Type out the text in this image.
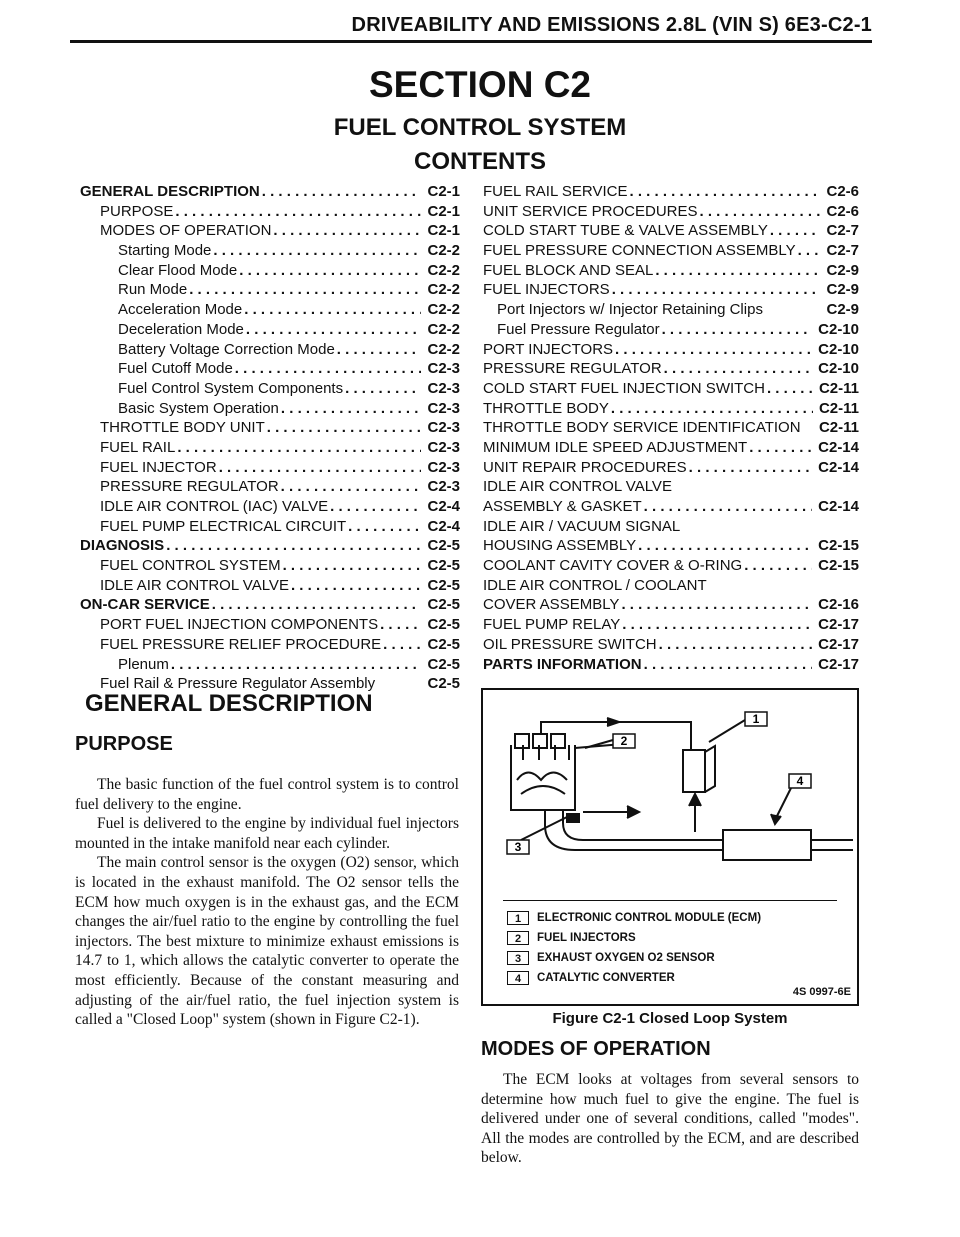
DRIVEABILITY AND EMISSIONS 2.8L (VIN S) 6E3-C2-1
SECTION C2
FUEL CONTROL SYSTEM
CONTENTS
GENERAL DESCRIPTION . . .	C2-1
PURPOSE . . .	C2-1
MODES OF OPERATION . . .	C2-1
Starting Mode . . .	C2-2
Clear Flood Mode . . .	C2-2
Run Mode . . .	C2-2
Acceleration Mode . . .	C2-2
Deceleration Mode . . .	C2-2
Battery Voltage Correction Mode . . .	C2-2
Fuel Cutoff Mode . . .	C2-3
Fuel Control System Components . . .	C2-3
Basic System Operation . . .	C2-3
THROTTLE BODY UNIT . . .	C2-3
FUEL RAIL . . .	C2-3
FUEL INJECTOR . . .	C2-3
PRESSURE REGULATOR . . .	C2-3
IDLE AIR CONTROL (IAC) VALVE . . .	C2-4
FUEL PUMP ELECTRICAL CIRCUIT . . .	C2-4
DIAGNOSIS . . .	C2-5
FUEL CONTROL SYSTEM . . .	C2-5
IDLE AIR CONTROL VALVE . . .	C2-5
ON-CAR SERVICE . . .	C2-5
PORT FUEL INJECTION COMPONENTS . . .	C2-5
FUEL PRESSURE RELIEF PROCEDURE . . .	C2-5
Plenum . . .	C2-5
Fuel Rail & Pressure Regulator Assembly	C2-5
FUEL RAIL SERVICE . . .	C2-6
UNIT SERVICE PROCEDURES . . .	C2-6
COLD START TUBE & VALVE ASSEMBLY . . .	C2-7
FUEL PRESSURE CONNECTION ASSEMBLY . . . C2-7
FUEL BLOCK AND SEAL . . .	C2-9
FUEL INJECTORS . . .	C2-9
Port Injectors w/ Injector Retaining Clips	C2-9
Fuel Pressure Regulator . . .	C2-10
PORT INJECTORS . . .	C2-10
PRESSURE REGULATOR . . .	C2-10
COLD START FUEL INJECTION SWITCH . . .	C2-11
THROTTLE BODY . . .	C2-11
THROTTLE BODY SERVICE IDENTIFICATION C2-11
MINIMUM IDLE SPEED ADJUSTMENT . . .	C2-14
UNIT REPAIR PROCEDURES . . .	C2-14
IDLE AIR CONTROL VALVE
ASSEMBLY & GASKET . . .	C2-14
IDLE AIR / VACUUM SIGNAL
HOUSING ASSEMBLY . . .	C2-15
COOLANT CAVITY COVER & O-RING . . .	C2-15
IDLE AIR CONTROL / COOLANT
COVER ASSEMBLY . . .	C2-16
FUEL PUMP RELAY . . .	C2-17
OIL PRESSURE SWITCH . . .	C2-17
PARTS INFORMATION . . .	C2-17
GENERAL DESCRIPTION
PURPOSE

The basic function of the fuel control system is to control fuel delivery to the engine.

Fuel is delivered to the engine by individual fuel injectors mounted in the intake manifold near each cylinder.

The main control sensor is the oxygen (O2) sensor, which is located in the exhaust manifold. The O2 sensor tells the ECM how much oxygen is in the exhaust gas, and the ECM changes the air/fuel ratio to the engine by controlling the fuel injectors. The best mixture to minimize exhaust emissions is 14.7 to 1, which allows the catalytic converter to operate the most efficiently. Because of the constant measuring and adjusting of the air/fuel ratio, the fuel injection system is called a "Closed Loop" system (shown in Figure C2-1).

1
2
3
4
1	ELECTRONIC CONTROL MODULE (ECM)
2	FUEL INJECTORS
3	EXHAUST OXYGEN O2 SENSOR
4	CATALYTIC CONVERTER
4S 0997-6E
Figure C2-1 Closed Loop System
MODES OF OPERATION

The ECM looks at voltages from several sensors to determine how much fuel to give the engine. The fuel is delivered under one of several conditions, called "modes". All the modes are controlled by the ECM, and are described below.
